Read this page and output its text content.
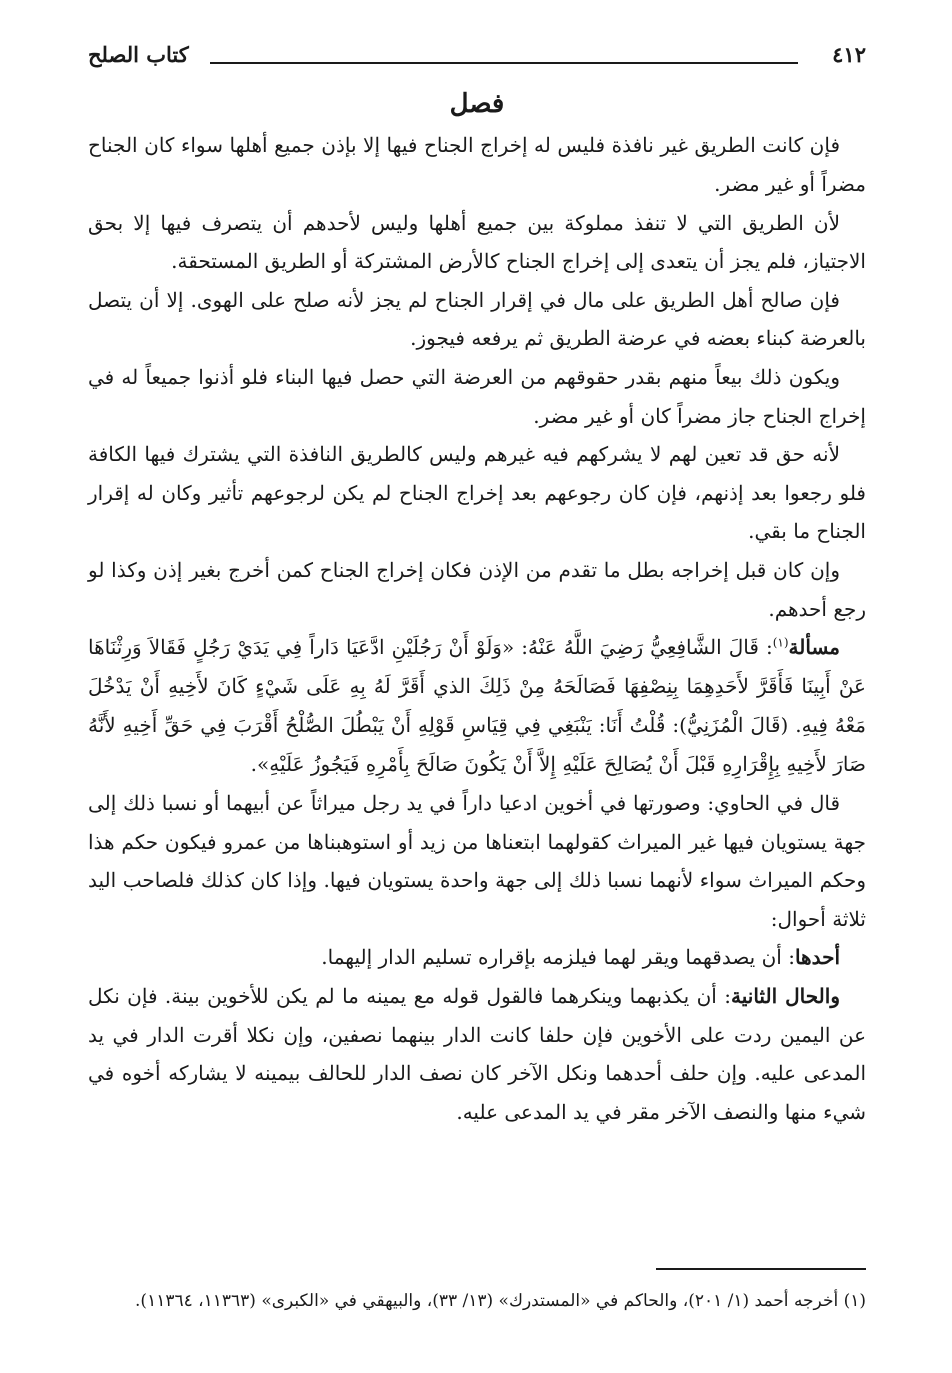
٤١٢
كتاب الصلح
فصل

فإن كانت الطريق غير نافذة فليس له إخراج الجناح فيها إلا بإذن جميع أهلها سواء كان الجناح مضراً أو غير مضر.

لأن الطريق التي لا تنفذ مملوكة بين جميع أهلها وليس لأحدهم أن يتصرف فيها إلا بحق الاجتياز، فلم يجز أن يتعدى إلى إخراج الجناح كالأرض المشتركة أو الطريق المستحقة.

فإن صالح أهل الطريق على مال في إقرار الجناح لم يجز لأنه صلح على الهوى. إلا أن يتصل بالعرضة كبناء بعضه في عرضة الطريق ثم يرفعه فيجوز.

ويكون ذلك بيعاً منهم بقدر حقوقهم من العرضة التي حصل فيها البناء فلو أذنوا جميعاً له في إخراج الجناح جاز مضراً كان أو غير مضر.

لأنه حق قد تعين لهم لا يشركهم فيه غيرهم وليس كالطريق النافذة التي يشترك فيها الكافة فلو رجعوا بعد إذنهم، فإن كان رجوعهم بعد إخراج الجناح لم يكن لرجوعهم تأثير وكان له إقرار الجناح ما بقي.

وإن كان قبل إخراجه بطل ما تقدم من الإذن فكان إخراج الجناح كمن أخرج بغير إذن وكذا لو رجع أحدهم.

مسألة$^{(١)}$: قَالَ الشَّافِعِيُّ رَضِيَ اللَّهُ عَنْهُ: «وَلَوْ أَنْ رَجُلَيْنِ ادَّعَيَا دَاراً فِي يَدَيْ رَجُلٍ فَقَالاَ وَرِثْنَاهَا عَنْ أَبِينَا فَأَقَرَّ لأَحَدِهِمَا بِنِصْفِهَا فَصَالَحَهُ مِنْ ذَلِكَ الذي أَقَرَّ لَهُ بِهِ عَلَى شَيْءٍ كَانَ لأَخِيهِ أَنْ يَدْخُلَ مَعْهُ فِيهِ. (قَالَ الْمُزَنِيُّ): قُلْتُ أَنَا: يَنْبَغِي فِي قِيَاسِ قَوْلِهِ أَنْ يَبْطُلَ الصُّلْحُ أَقْرَبَ فِي حَقِّ أَخِيهِ لأَنَّهُ صَارَ لأَخِيهِ بِإِقْرَارِهِ قَبْلَ أَنْ يُصَالِحَ عَلَيْهِ إِلاَّ أَنْ يَكُونَ صَالَحَ بِأَمْرِهِ فَيَجُوزُ عَلَيْهِ».

قال في الحاوي: وصورتها في أخوين ادعيا داراً في يد رجل ميراثاً عن أبيهما أو نسبا ذلك إلى جهة يستويان فيها غير الميراث كقولهما ابتعناها من زيد أو استوهبناها من عمرو فيكون حكم هذا وحكم الميراث سواء لأنهما نسبا ذلك إلى جهة واحدة يستويان فيها. وإذا كان كذلك فلصاحب اليد ثلاثة أحوال:

أحدها: أن يصدقهما ويقر لهما فيلزمه بإقراره تسليم الدار إليهما.

والحال الثانية: أن يكذبهما وينكرهما فالقول قوله مع يمينه ما لم يكن للأخوين بينة. فإن نكل عن اليمين ردت على الأخوين فإن حلفا كانت الدار بينهما نصفين، وإن نكلا أقرت الدار في يد المدعى عليه. وإن حلف أحدهما ونكل الآخر كان نصف الدار للحالف بيمينه لا يشاركه أخوه في شيء منها والنصف الآخر مقر في يد المدعى عليه.

(١) أخرجه أحمد (١/ ٢٠١)، والحاكم في «المستدرك» (١٣/ ٣٣)، والبيهقي في «الكبرى» (١١٣٦٣، ١١٣٦٤).
